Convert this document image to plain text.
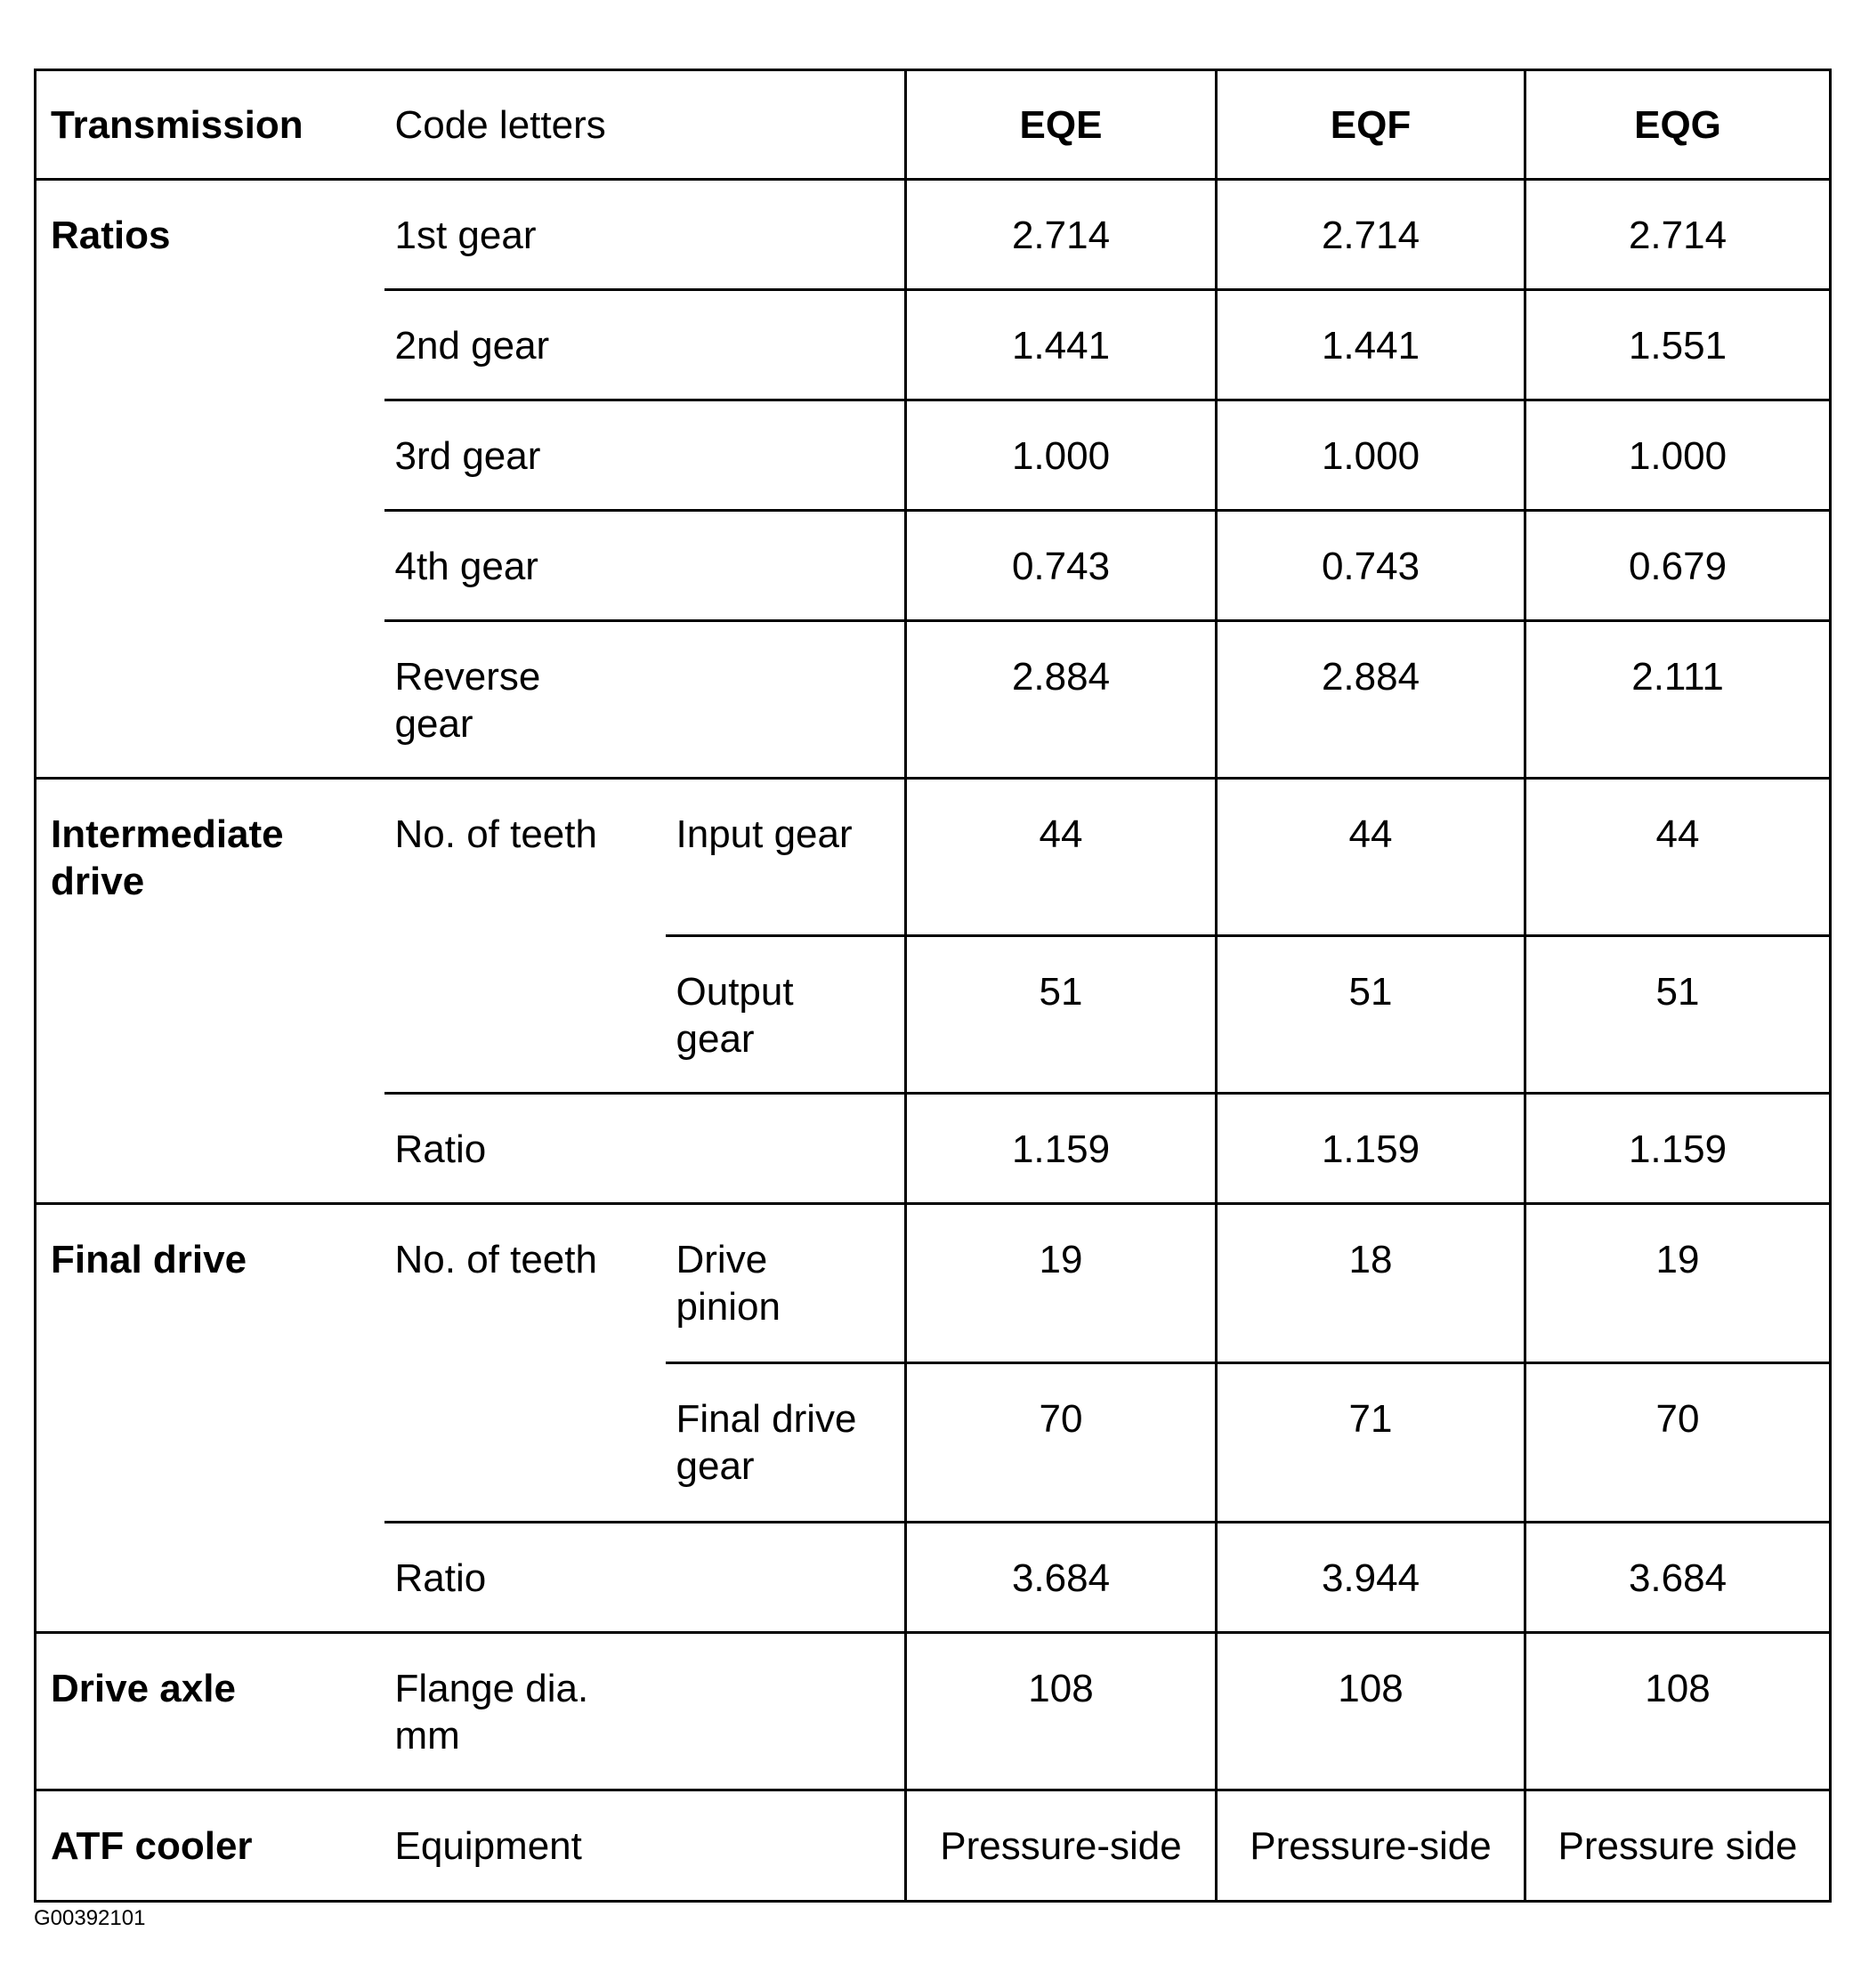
Transmission	Code letters		EQE	EQF	EQG
Ratios	1st gear		2.714	2.714	2.714
	2nd gear		1.441	1.441	1.551
	3rd gear		1.000	1.000	1.000
	4th gear		0.743	0.743	0.679

	Reverse gear		2.884	2.884	2.111

Intermediate drive	No. of teeth	Input gear	44	44	44

		Output gear	51	51	51
	Ratio		1.159	1.159	1.159
Final drive	No. of teeth	Drive pinion	19	18	19

		Final drive gear	70	71	70
	Ratio		3.684	3.944	3.684
Drive axle	Flange dia. mm		108	108	108
ATF cooler	Equipment		Pressure-side	Pressure-side	Pressure side
G00392101
